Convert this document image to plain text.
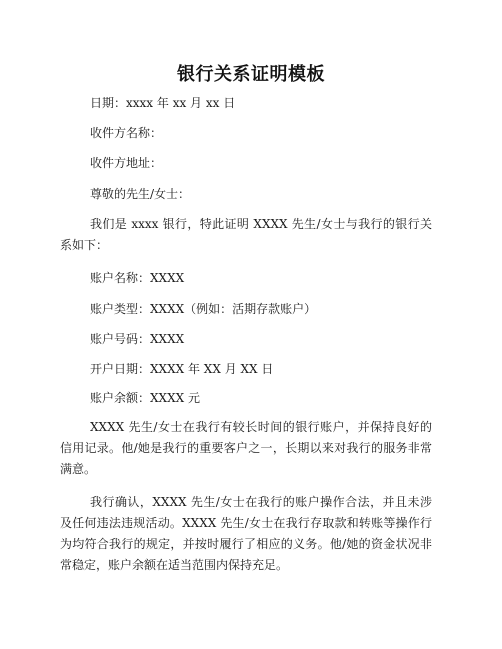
银行关系证明模板
日期：xxxx 年 xx 月 xx 日
收件方名称：
收件方地址：
尊敬的先生/女士：
我们是 xxxx 银行，特此证明 XXXX 先生/女士与我行的银行关系如下：
账户名称：XXXX
账户类型：XXXX（例如：活期存款账户）
账户号码：XXXX
开户日期：XXXX 年 XX 月 XX 日
账户余额：XXXX 元
XXXX 先生/女士在我行有较长时间的银行账户，并保持良好的信用记录。他/她是我行的重要客户之一，长期以来对我行的服务非常满意。
我行确认，XXXX 先生/女士在我行的账户操作合法，并且未涉及任何违法违规活动。XXXX 先生/女士在我行存取款和转账等操作行为均符合我行的规定，并按时履行了相应的义务。他/她的资金状况非常稳定，账户余额在适当范围内保持充足。
